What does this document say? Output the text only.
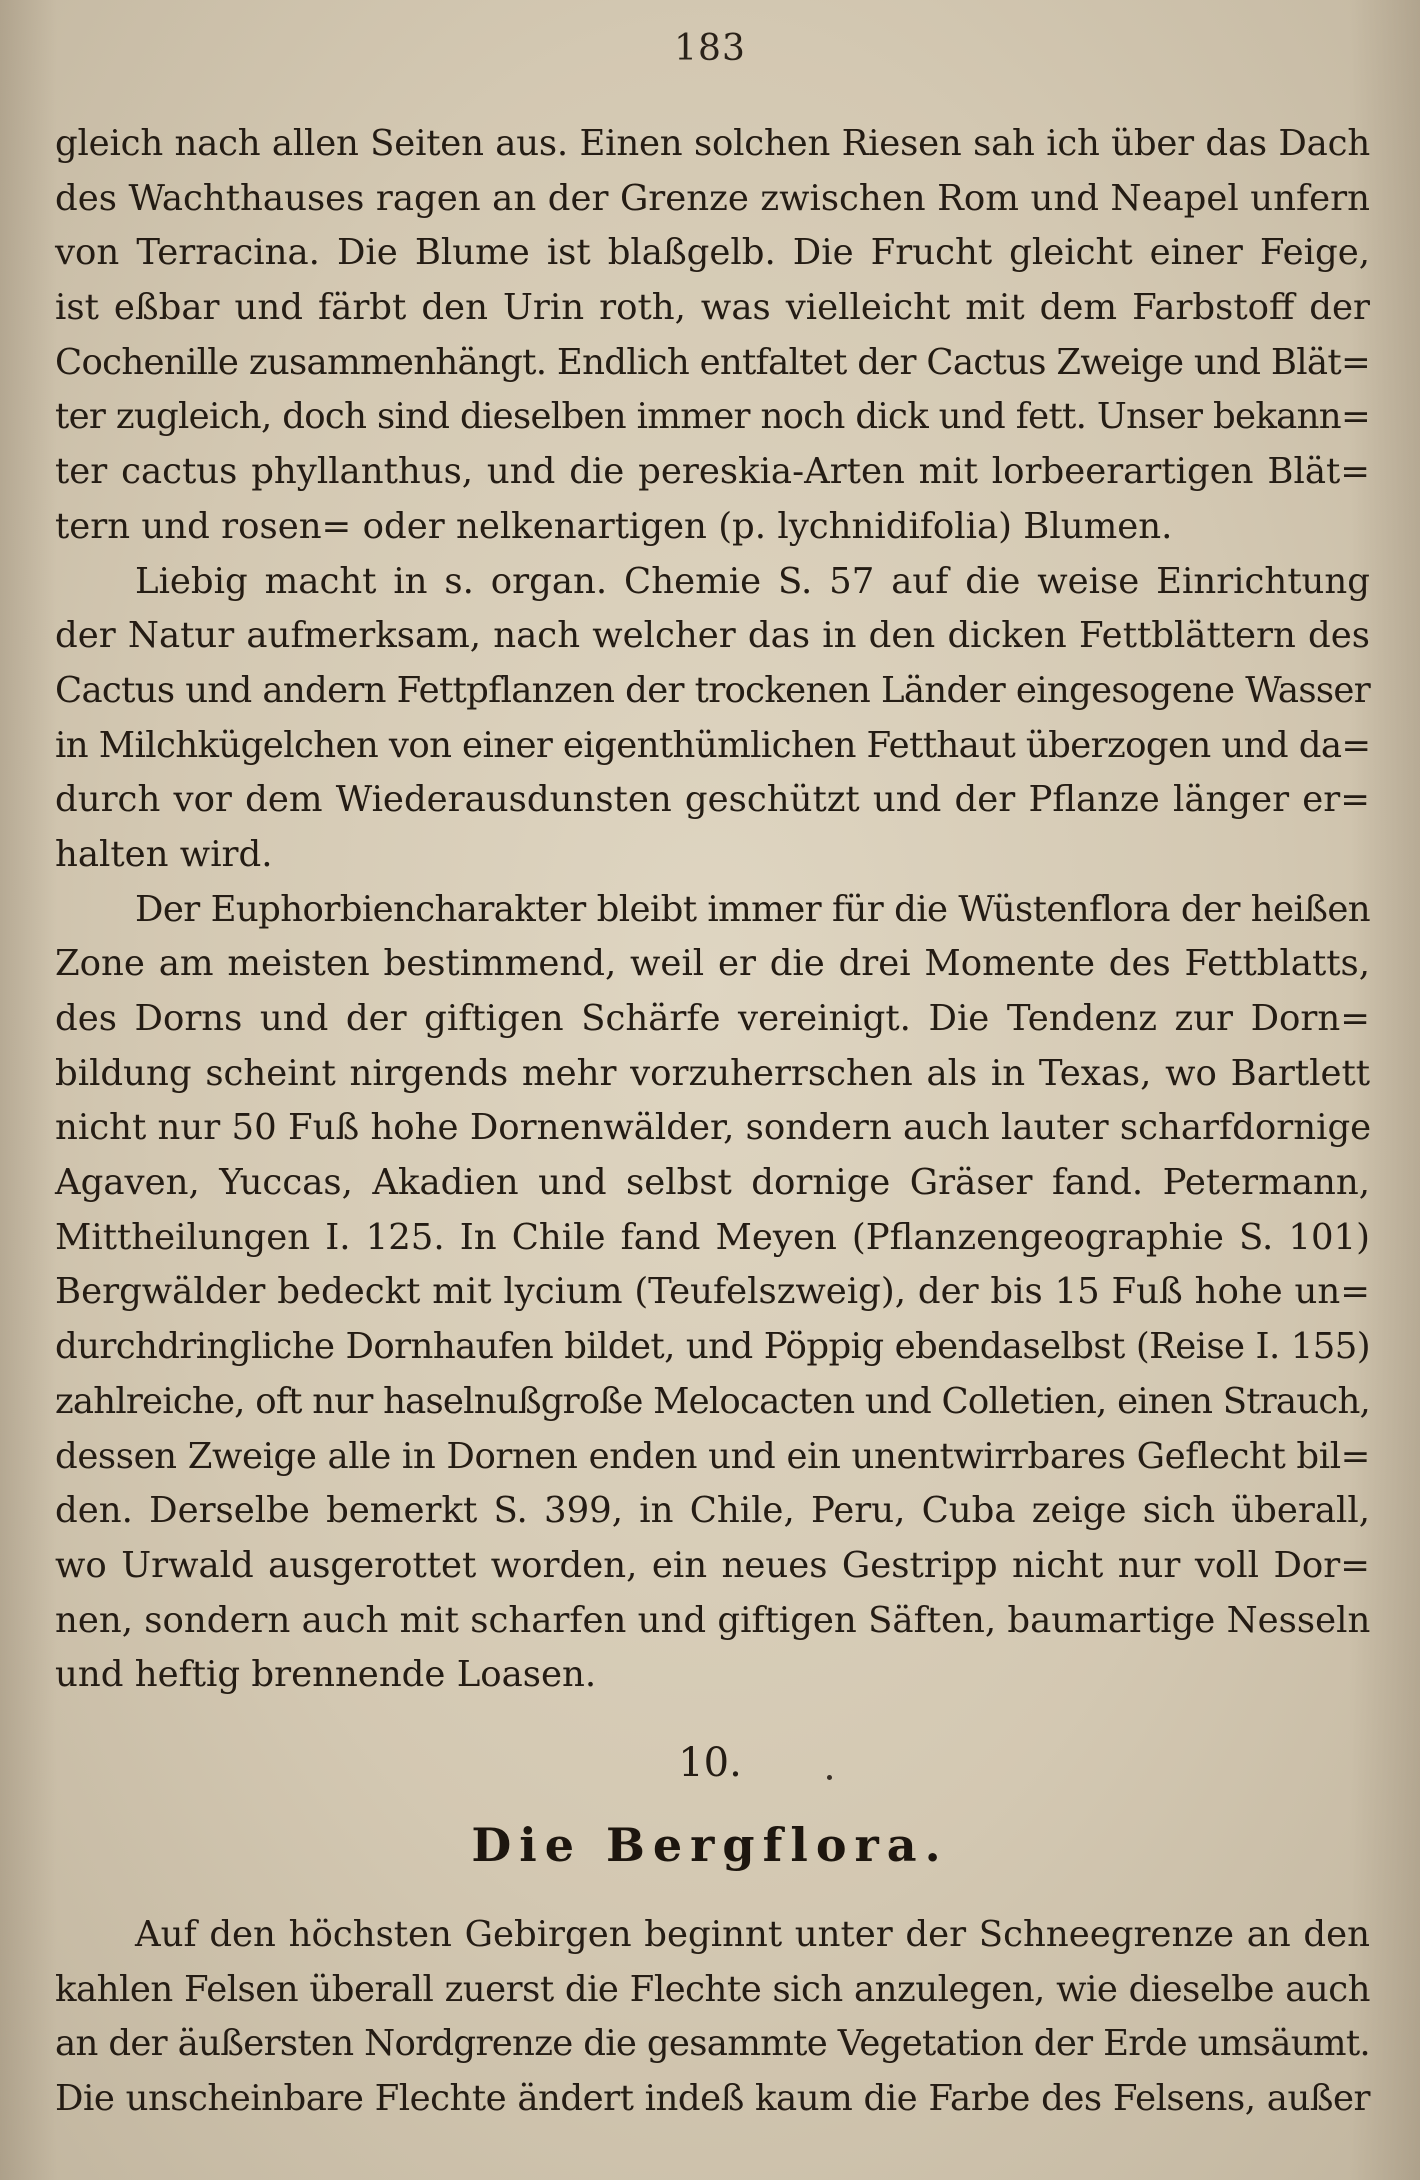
183
gleich nach allen Seiten aus. Einen solchen Riesen sah ich über das Dach
des Wachthauses ragen an der Grenze zwischen Rom und Neapel unfern
von Terracina. Die Blume ist blaßgelb. Die Frucht gleicht einer Feige,
ist eßbar und färbt den Urin roth, was vielleicht mit dem Farbstoff der
Cochenille zusammenhängt. Endlich entfaltet der Cactus Zweige und Blät=
ter zugleich, doch sind dieselben immer noch dick und fett. Unser bekann=
ter cactus phyllanthus, und die pereskia-Arten mit lorbeerartigen Blät=
tern und rosen= oder nelkenartigen (p. lychnidifolia) Blumen.
Liebig macht in s. organ. Chemie S. 57 auf die weise Einrichtung
der Natur aufmerksam, nach welcher das in den dicken Fettblättern des
Cactus und andern Fettpflanzen der trockenen Länder eingesogene Wasser
in Milchkügelchen von einer eigenthümlichen Fetthaut überzogen und da=
durch vor dem Wiederausdunsten geschützt und der Pflanze länger er=
halten wird.
Der Euphorbiencharakter bleibt immer für die Wüstenflora der heißen
Zone am meisten bestimmend, weil er die drei Momente des Fettblatts,
des Dorns und der giftigen Schärfe vereinigt. Die Tendenz zur Dorn=
bildung scheint nirgends mehr vorzuherrschen als in Texas, wo Bartlett
nicht nur 50 Fuß hohe Dornenwälder, sondern auch lauter scharfdornige
Agaven, Yuccas, Akadien und selbst dornige Gräser fand. Petermann,
Mittheilungen I. 125. In Chile fand Meyen (Pflanzengeographie S. 101)
Bergwälder bedeckt mit lycium (Teufelszweig), der bis 15 Fuß hohe un=
durchdringliche Dornhaufen bildet, und Pöppig ebendaselbst (Reise I. 155)
zahlreiche, oft nur haselnußgroße Melocacten und Colletien, einen Strauch,
dessen Zweige alle in Dornen enden und ein unentwirrbares Geflecht bil=
den. Derselbe bemerkt S. 399, in Chile, Peru, Cuba zeige sich überall,
wo Urwald ausgerottet worden, ein neues Gestripp nicht nur voll Dor=
nen, sondern auch mit scharfen und giftigen Säften, baumartige Nesseln
und heftig brennende Loasen.
10.
Die Bergflora.
Auf den höchsten Gebirgen beginnt unter der Schneegrenze an den
kahlen Felsen überall zuerst die Flechte sich anzulegen, wie dieselbe auch
an der äußersten Nordgrenze die gesammte Vegetation der Erde umsäumt.
Die unscheinbare Flechte ändert indeß kaum die Farbe des Felsens, außer
